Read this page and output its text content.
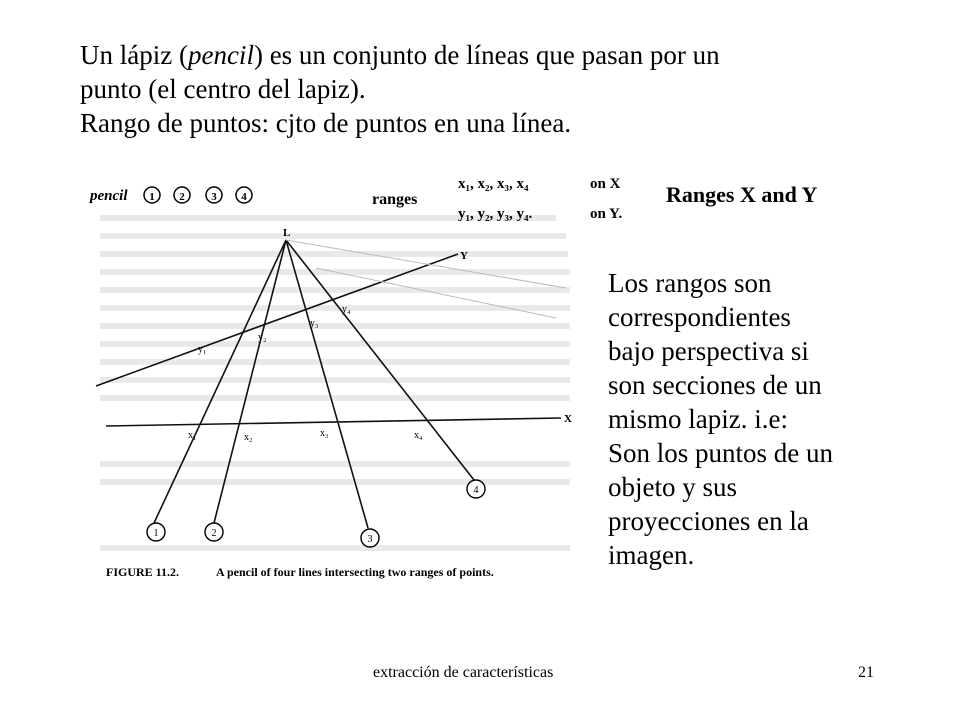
Un lápiz (pencil) es un conjunto de líneas que pasan por un
punto (el centro del lapiz).
Rango de puntos: cjto de puntos en una línea.
pencil 1 2 3 4	ranges
x₁, x₂, x₃, x₄
y₁, y₂, y₃, y₄.
on X
on Y.
L
Y
X
x₁	x₂	x₃	x₄
y₁
y₂
y₃
y₄
1	2
3
4
FIGURE 11.2.	A pencil of four lines intersecting two ranges of points.
Ranges X and Y
Los rangos son
correspondientes
bajo perspectiva si
son secciones de un
mismo lapiz. i.e:
Son los puntos de un
objeto y sus
proyecciones en la
imagen.
extracción de características	21
